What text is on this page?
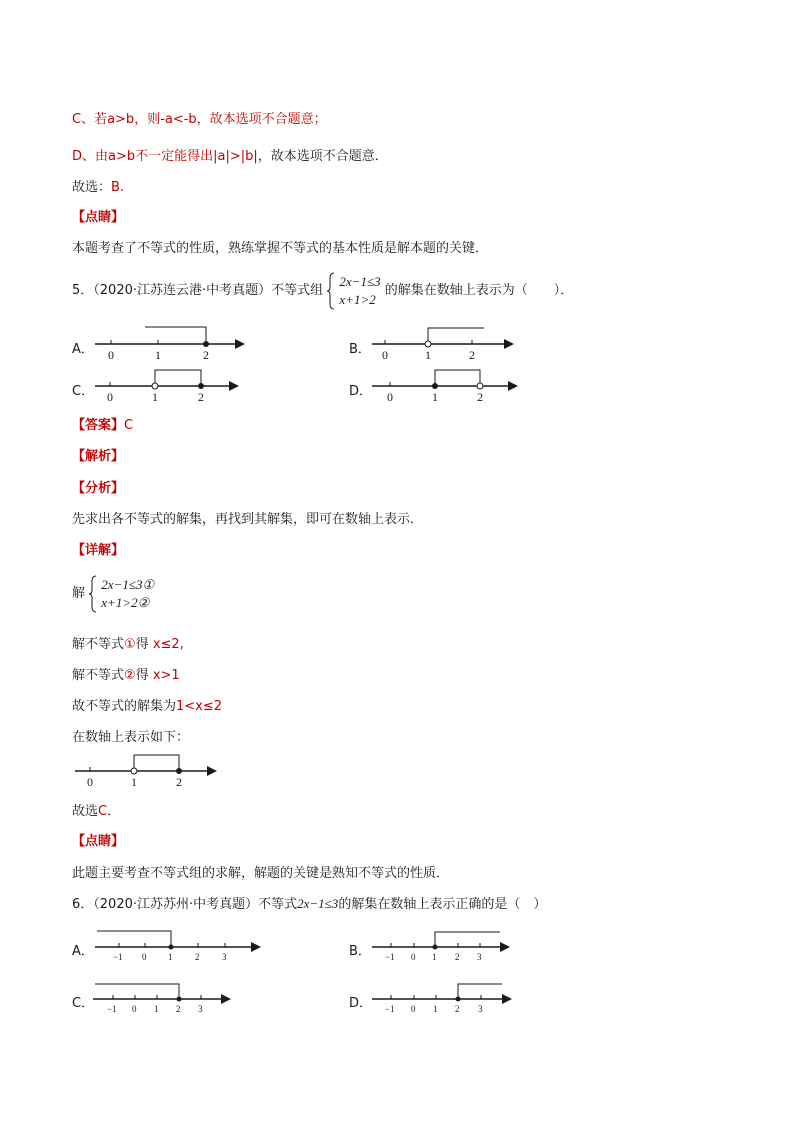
C、若a>b，则-a<-b，故本选项不合题意；
D、由a>b不一定能得出|a|>|b|，故本选项不合题意．
故选：B.
【点睛】
本题考查了不等式的性质，熟练掌握不等式的基本性质是解本题的关键．
5．（2020·江苏连云港·中考真题）不等式组  2x−1≤3
x+1>2 的解集在数轴上表示为（　　）．
A． 0	1	2	B． 0	1	2
C． 0	1	2	D． 0	1	2
【答案】C
【解析】
【分析】
先求出各不等式的解集，再找到其解集，即可在数轴上表示．
【详解】
解  2x−1≤3①
x+1>2②
解不等式①得 x≤2,
解不等式②得 x>1
故不等式的解集为1<x≤2
在数轴上表示如下：
0	1	2
故选C．
【点睛】
此题主要考查不等式组的求解，解题的关键是熟知不等式的性质．
6．（2020·江苏苏州·中考真题）不等式2x−1≤3的解集在数轴上表示正确的是（　）
A． −1 0 1	2	3	B． −1 0 1 2 3
C． −1 0 1 2 3	D． −1 0 1 2 3
